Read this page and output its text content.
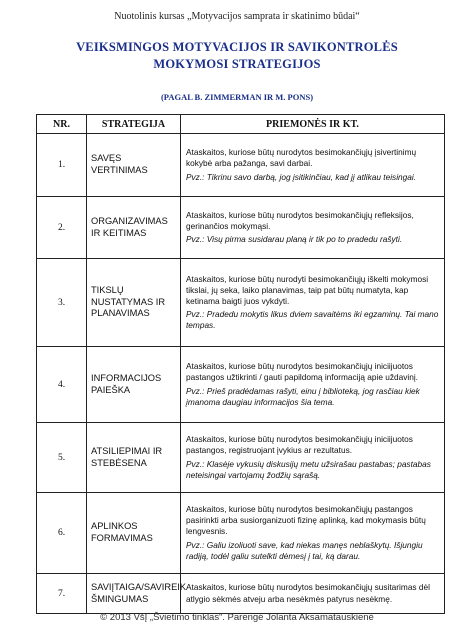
Nuotolinis kursas „Motyvacijos samprata ir skatinimo būdai“
VEIKSMINGOS MOTYVACIJOS IR SAVIKONTROLĖS
MOKYMOSI STRATEGIJOS
(PAGAL B. ZIMMERMAN IR M. PONS)
NR.	STRATEGIJA	PRIEMONĖS IR KT.
1.	SAVĘS VERTINIMAS	Ataskaitos, kuriose būtų nurodytos besimokančiųjų įsivertinimų kokybė arba pažanga, savi darbai.
Pvz.: Tikrinu savo darbą, jog įsitikinčiau, kad jį atlikau teisingai.

2.	ORGANIZAVIMAS IR KEITIMAS	Ataskaitos, kuriose būtų nurodytos besimokančiųjų refleksijos, gerinančios mokymąsi.
Pvz.: Visų pirma susidarau planą ir tik po to pradedu rašyti.

3.	TIKSLŲ NUSTATYMAS IR PLANAVIMAS	Ataskaitos, kuriose būtų nurodyti besimokančiųjų iškelti mokymosi tikslai, jų seka, laiko planavimas, taip pat būtų numatyta, kap ketinama baigti juos vykdyti.
Pvz.: Pradedu mokytis likus dviem savaitėms iki egzaminų. Tai mano tempas.

4.	INFORMACIJOS PAIEŠKA	Ataskaitos, kuriose būtų nurodytos besimokančiųjų iniciijuotos pastangos užtikrinti / gauti papildomą informaciją apie uždavinį.
Pvz.: Prieš pradėdamas rašyti, einu į biblioteką, jog rasčiau kiek įmanoma daugiau informacijos šia tema.

5.	ATSILIEPIMAI IR STEBĖSENA	Ataskaitos, kuriose būtų nurodytos besimokančiųjų iniciijuotos pastangos, registruojant įvykius ar rezultatus.
Pvz.: Klasėje vykusių diskusijų metu užsirašau pastabas; pastabas neteisingai vartojamų žodžių sąrašą.

6.	APLINKOS FORMAVIMAS	Ataskaitos, kuriose būtų nurodytos besimokančiųjų pastangos pasirinkti arba susiorganizuoti fizinę aplinką, kad mokymasis būtų lengvesnis.
Pvz.: Galiu izoliuoti save, kad niekas manęs neblaškytų. Išjungiu radiją, todėl galiu sutelkti dėmesį į tai, ką darau.

7.	SAVIĮTAIGA/SAVIREIK
ŠMINGUMAS	Ataskaitos, kuriose būtų nurodytos besimokančiųjų susitarimas dėl atlygio sėkmės atveju arba nesėkmės patyrus nesėkmę.
© 2013 VšĮ „Švietimo tinklas“. Parengė Jolanta Aksamatauskienė
